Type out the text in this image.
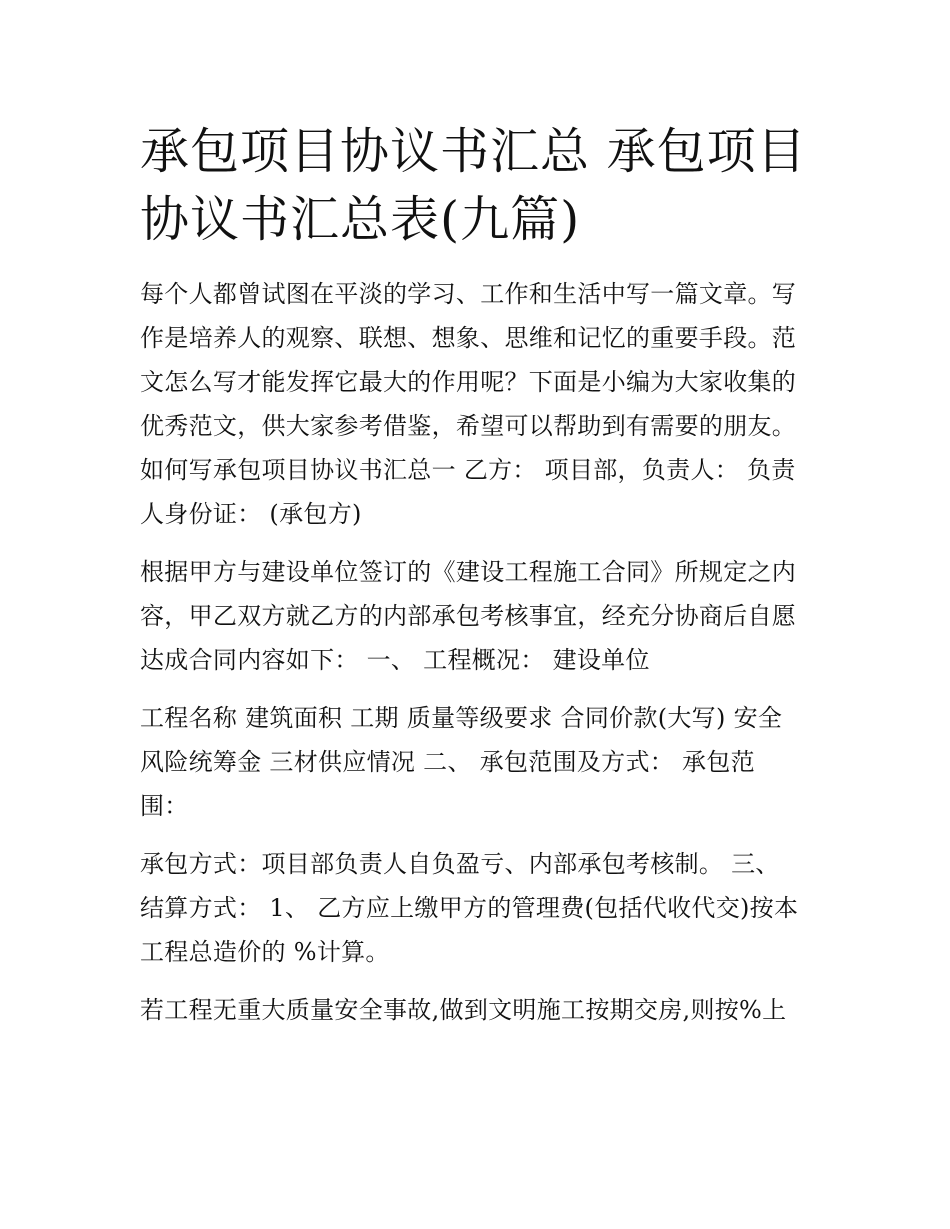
承包项目协议书汇总 承包项目
协议书汇总表(九篇)

每个人都曾试图在平淡的学习、工作和生活中写一篇文章。写
作是培养人的观察、联想、想象、思维和记忆的重要手段。范
文怎么写才能发挥它最大的作用呢？下面是小编为大家收集的
优秀范文，供大家参考借鉴，希望可以帮助到有需要的朋友。
如何写承包项目协议书汇总一 乙方： 项目部，负责人： 负责
人身份证： (承包方)

根据甲方与建设单位签订的《建设工程施工合同》所规定之内
容，甲乙双方就乙方的内部承包考核事宜，经充分协商后自愿
达成合同内容如下： 一、 工程概况： 建设单位

工程名称 建筑面积 工期 质量等级要求 合同价款(大写) 安全
风险统筹金 三材供应情况 二、 承包范围及方式： 承包范
围：

承包方式：项目部负责人自负盈亏、内部承包考核制。 三、
结算方式： 1、 乙方应上缴甲方的管理费(包括代收代交)按本
工程总造价的 %计算。

若工程无重大质量安全事故,做到文明施工按期交房,则按%上
